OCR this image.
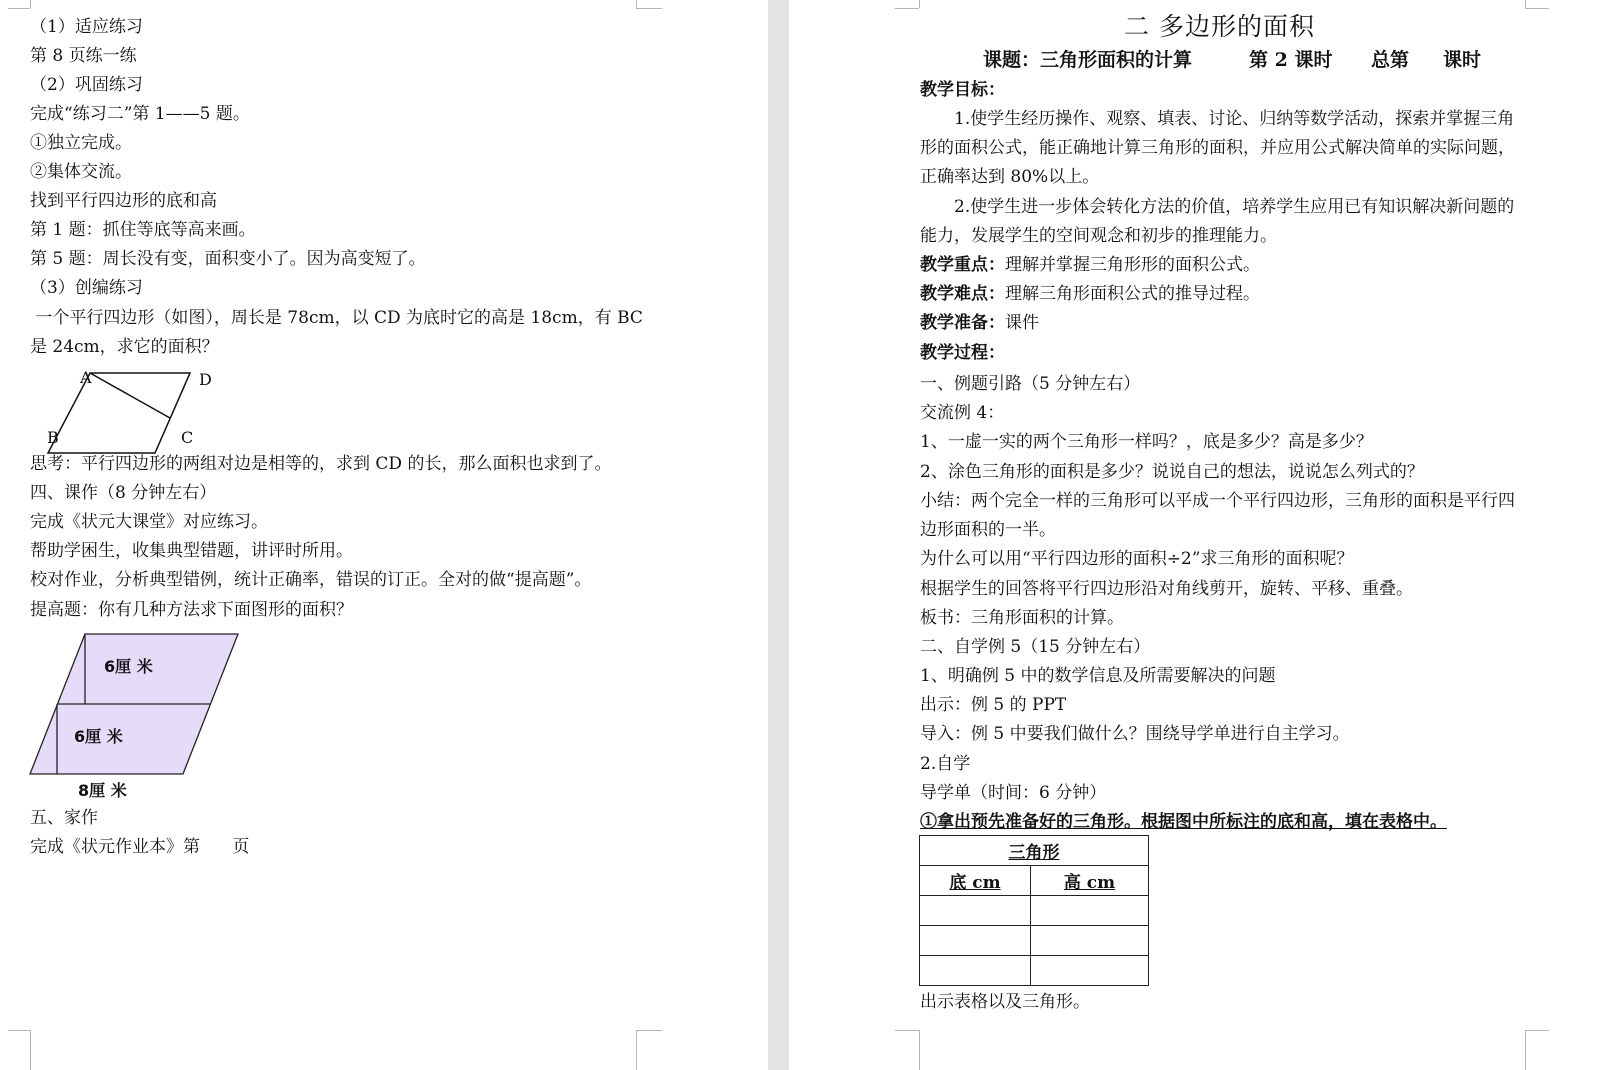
（1）适应练习
第 8 页练一练
（2）巩固练习
完成“练习二”第 1——5 题。
①独立完成。
②集体交流。
找到平行四边形的底和高
第 1 题：抓住等底等高来画。
第 5 题：周长没有变，面积变小了。因为高变短了。
（3）创编练习
一个平行四边形（如图），周长是 78cm，以 CD 为底时它的高是 18cm，有 BC
是 24cm，求它的面积？
A	D
B	C
思考：平行四边形的两组对边是相等的，求到 CD 的长，那么面积也求到了。
四、课作（8 分钟左右）
完成《状元大课堂》对应练习。
帮助学困生，收集典型错题，讲评时所用。
校对作业，分析典型错例，统计正确率，错误的订正。全对的做“提高题”。
提高题：你有几种方法求下面图形的面积？
6厘 米
6厘 米
8厘 米
五、家作
完成《状元作业本》第      页
二 多边形的面积
课题：三角形面积的计算	第 2 课时 总第 课时
教学目标：
1.使学生经历操作、观察、填表、讨论、归纳等数学活动，探索并掌握三角
形的面积公式，能正确地计算三角形的面积，并应用公式解决简单的实际问题，
正确率达到 80%以上。
2.使学生进一步体会转化方法的价值，培养学生应用已有知识解决新问题的
能力，发展学生的空间观念和初步的推理能力。
教学重点：理解并掌握三角形形的面积公式。
教学难点：理解三角形面积公式的推导过程。
教学准备：课件
教学过程：
一、例题引路（5 分钟左右）
交流例 4：
1、一虚一实的两个三角形一样吗？，底是多少？高是多少？
2、涂色三角形的面积是多少？说说自己的想法，说说怎么列式的？
小结：两个完全一样的三角形可以平成一个平行四边形，三角形的面积是平行四
边形面积的一半。
为什么可以用“平行四边形的面积÷2”求三角形的面积呢？
根据学生的回答将平行四边形沿对角线剪开，旋转、平移、重叠。
板书：三角形面积的计算。
二、自学例 5（15 分钟左右）
1、明确例 5 中的数学信息及所需要解决的问题
出示：例 5 的 PPT
导入：例 5 中要我们做什么？围绕导学单进行自主学习。
2.自学
导学单（时间：6 分钟）
①拿出预先准备好的三角形。根据图中所标注的底和高，填在表格中。
三角形	
底 cm	高 cm

出示表格以及三角形。
